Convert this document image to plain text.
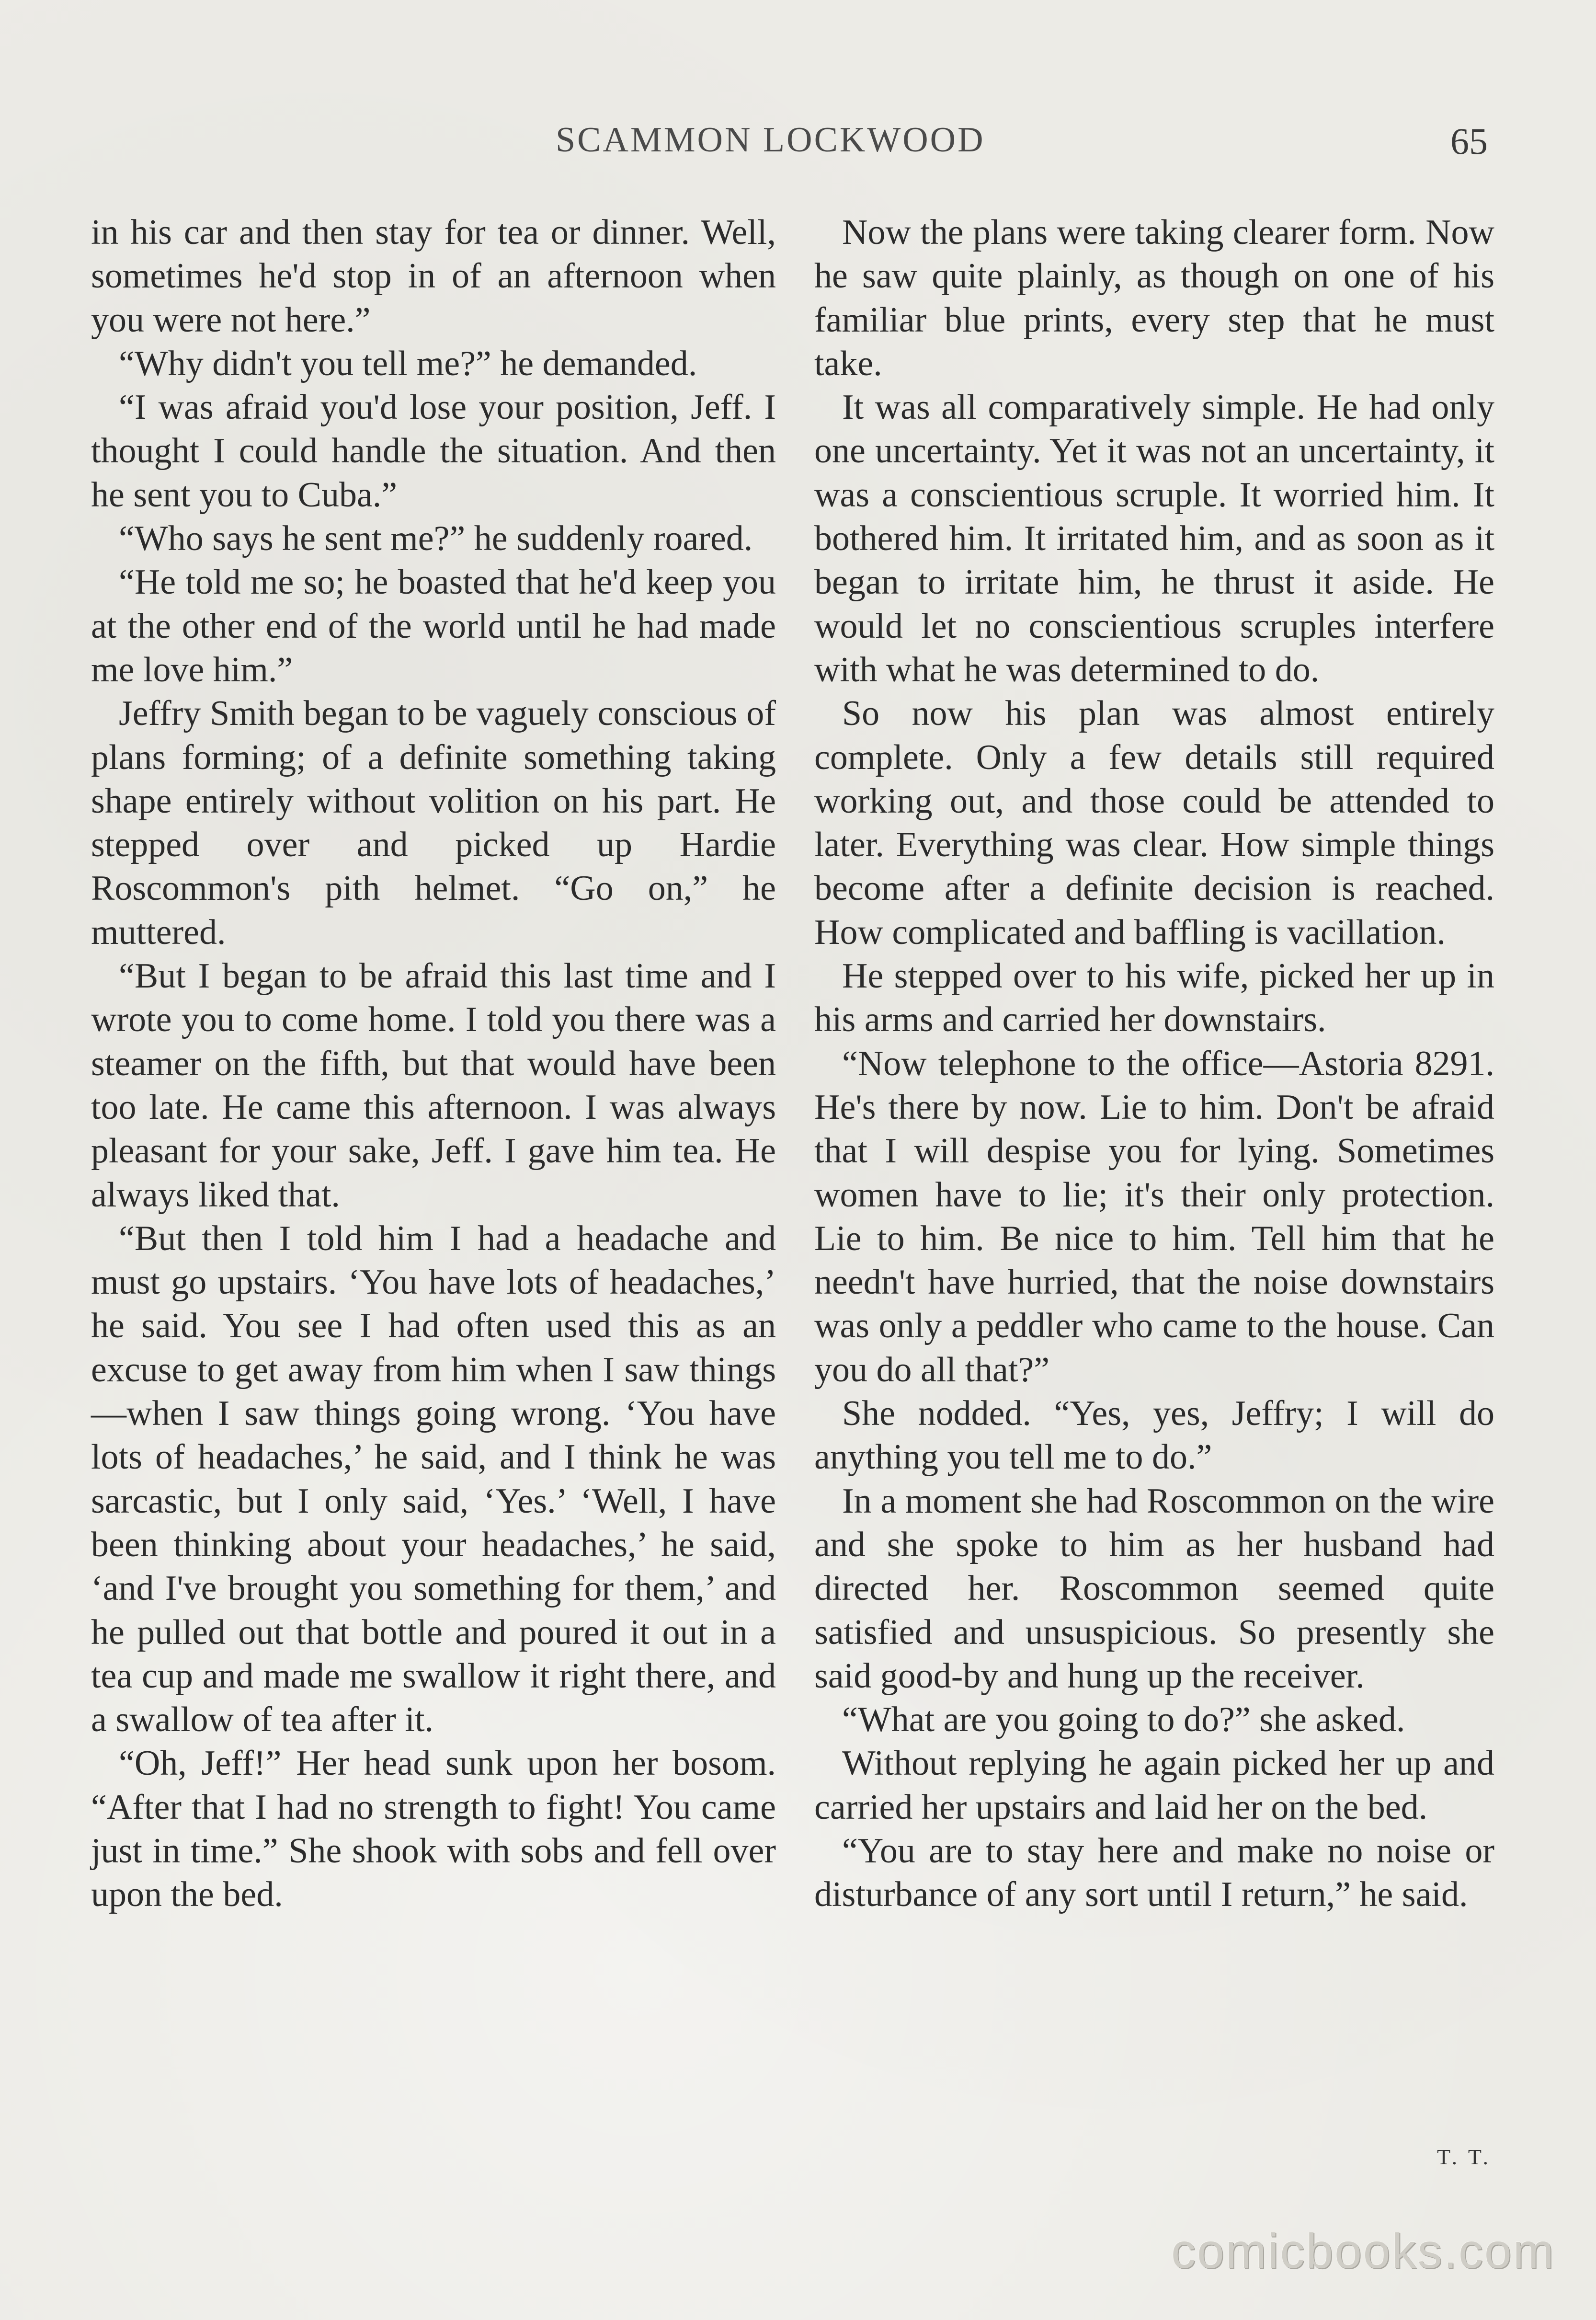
SCAMMON LOCKWOOD	65

in his car and then stay for tea or dinner. Well, sometimes he'd stop in of an afternoon when you were not here.”

“Why didn't you tell me?” he demanded.

“I was afraid you'd lose your position, Jeff. I thought I could handle the situation. And then he sent you to Cuba.”

“Who says he sent me?” he suddenly roared.

“He told me so; he boasted that he'd keep you at the other end of the world until he had made me love him.”

Jeffry Smith began to be vaguely conscious of plans forming; of a definite something taking shape entirely without volition on his part. He stepped over and picked up Hardie Roscommon's pith helmet. “Go on,” he muttered.

“But I began to be afraid this last time and I wrote you to come home. I told you there was a steamer on the fifth, but that would have been too late. He came this afternoon. I was always pleasant for your sake, Jeff. I gave him tea. He always liked that.

“But then I told him I had a headache and must go upstairs. ‘You have lots of headaches,’ he said. You see I had often used this as an excuse to get away from him when I saw things—when I saw things going wrong. ‘You have lots of headaches,’ he said, and I think he was sarcastic, but I only said, ‘Yes.’ ‘Well, I have been thinking about your headaches,’ he said, ‘and I've brought you something for them,’ and he pulled out that bottle and poured it out in a tea cup and made me swallow it right there, and a swallow of tea after it.

“Oh, Jeff!” Her head sunk upon her bosom. “After that I had no strength to fight! You came just in time.” She shook with sobs and fell over upon the bed.

Now the plans were taking clearer form. Now he saw quite plainly, as though on one of his familiar blue prints, every step that he must take.

It was all comparatively simple. He had only one uncertainty. Yet it was not an uncertainty, it was a conscientious scruple. It worried him. It bothered him. It irritated him, and as soon as it began to irritate him, he thrust it aside. He would let no conscientious scruples interfere with what he was determined to do.

So now his plan was almost entirely complete. Only a few details still required working out, and those could be attended to later. Everything was clear. How simple things become after a definite decision is reached. How complicated and baffling is vacillation.

He stepped over to his wife, picked her up in his arms and carried her downstairs.

“Now telephone to the office—Astoria 8291. He's there by now. Lie to him. Don't be afraid that I will despise you for lying. Sometimes women have to lie; it's their only protection. Lie to him. Be nice to him. Tell him that he needn't have hurried, that the noise downstairs was only a peddler who came to the house. Can you do all that?”

She nodded. “Yes, yes, Jeffry; I will do anything you tell me to do.”

In a moment she had Roscommon on the wire and she spoke to him as her husband had directed her. Roscommon seemed quite satisfied and unsuspicious. So presently she said good-by and hung up the receiver.

“What are you going to do?” she asked.

Without replying he again picked her up and carried her upstairs and laid her on the bed.

“You are to stay here and make no noise or disturbance of any sort until I return,” he said.

T. T.
comicbooks.com
